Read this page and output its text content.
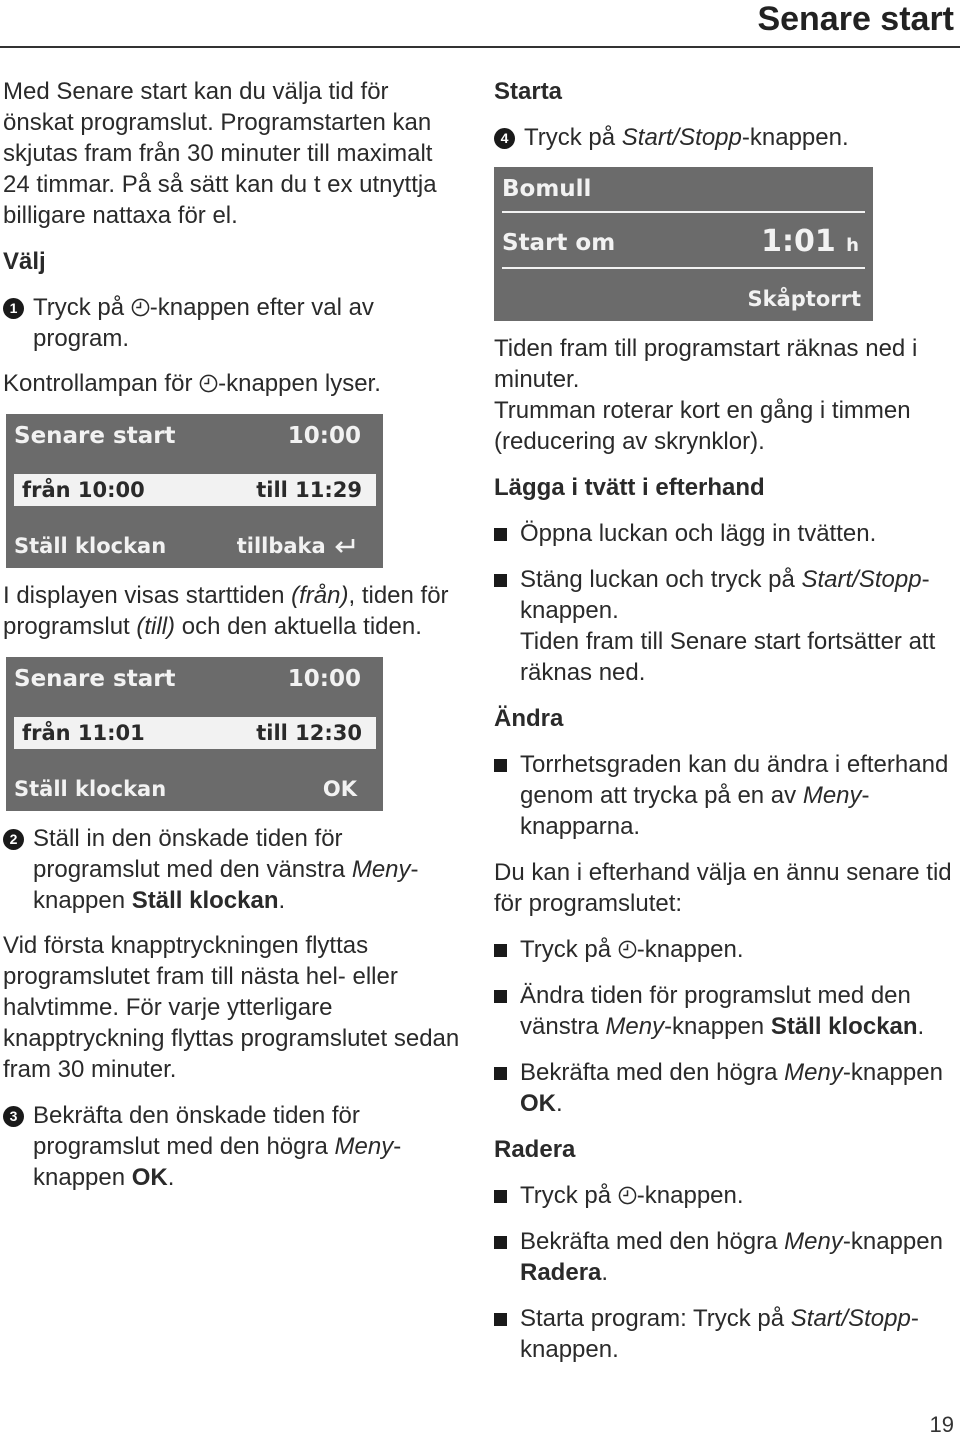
Senare start

Med Senare start kan du välja tid för önskat programslut. Programstarten kan skjutas fram från 30 minuter till maximalt 24 timmar. På så sätt kan du t ex utnyttja billigare nattaxa för el.

Välj

1 Tryck på -knappen efter val av program.

Kontrollampan för -knappen lyser.

Senare start	10:00
från 10:00	till 11:29
Ställ klockan	tillbaka

I displayen visas starttiden (från), tiden för programslut (till) och den aktuella tiden.

Senare start	10:00
från 11:01	till 12:30
Ställ klockan	OK
2 Ställ in den önskade tiden för programslut med den vänstra Meny-knappen Ställ klockan.

Vid första knapptryckningen flyttas programslutet fram till nästa hel- eller halvtimme. För varje ytterligare knapptryckning flyttas programslutet sedan fram 30 minuter.

3 Bekräfta den önskade tiden för programslut med den högra Meny-knappen OK.

Starta

4 Tryck på Start/Stopp-knappen.
Bomull
Start om	1:01 h
Skåptorrt

Tiden fram till programstart räknas ned i minuter.

Trumman roterar kort en gång i timmen (reducering av skrynklor).

Lägga i tvätt i efterhand

Öppna luckan och lägg in tvätten.
Stäng luckan och tryck på Start/Stopp-knappen.
Tiden fram till Senare start fortsätter att räknas ned.

Ändra

Torrhetsgraden kan du ändra i efterhand genom att trycka på en av Meny-knapparna.

Du kan i efterhand välja en ännu senare tid för programslutet:

Tryck på -knappen.
Ändra tiden för programslut med den vänstra Meny-knappen Ställ klockan.
Bekräfta med den högra Meny-knappen OK.

Radera

Tryck på -knappen.
Bekräfta med den högra Meny-knappen Radera.
Starta program: Tryck på Start/Stopp-knappen.
19
